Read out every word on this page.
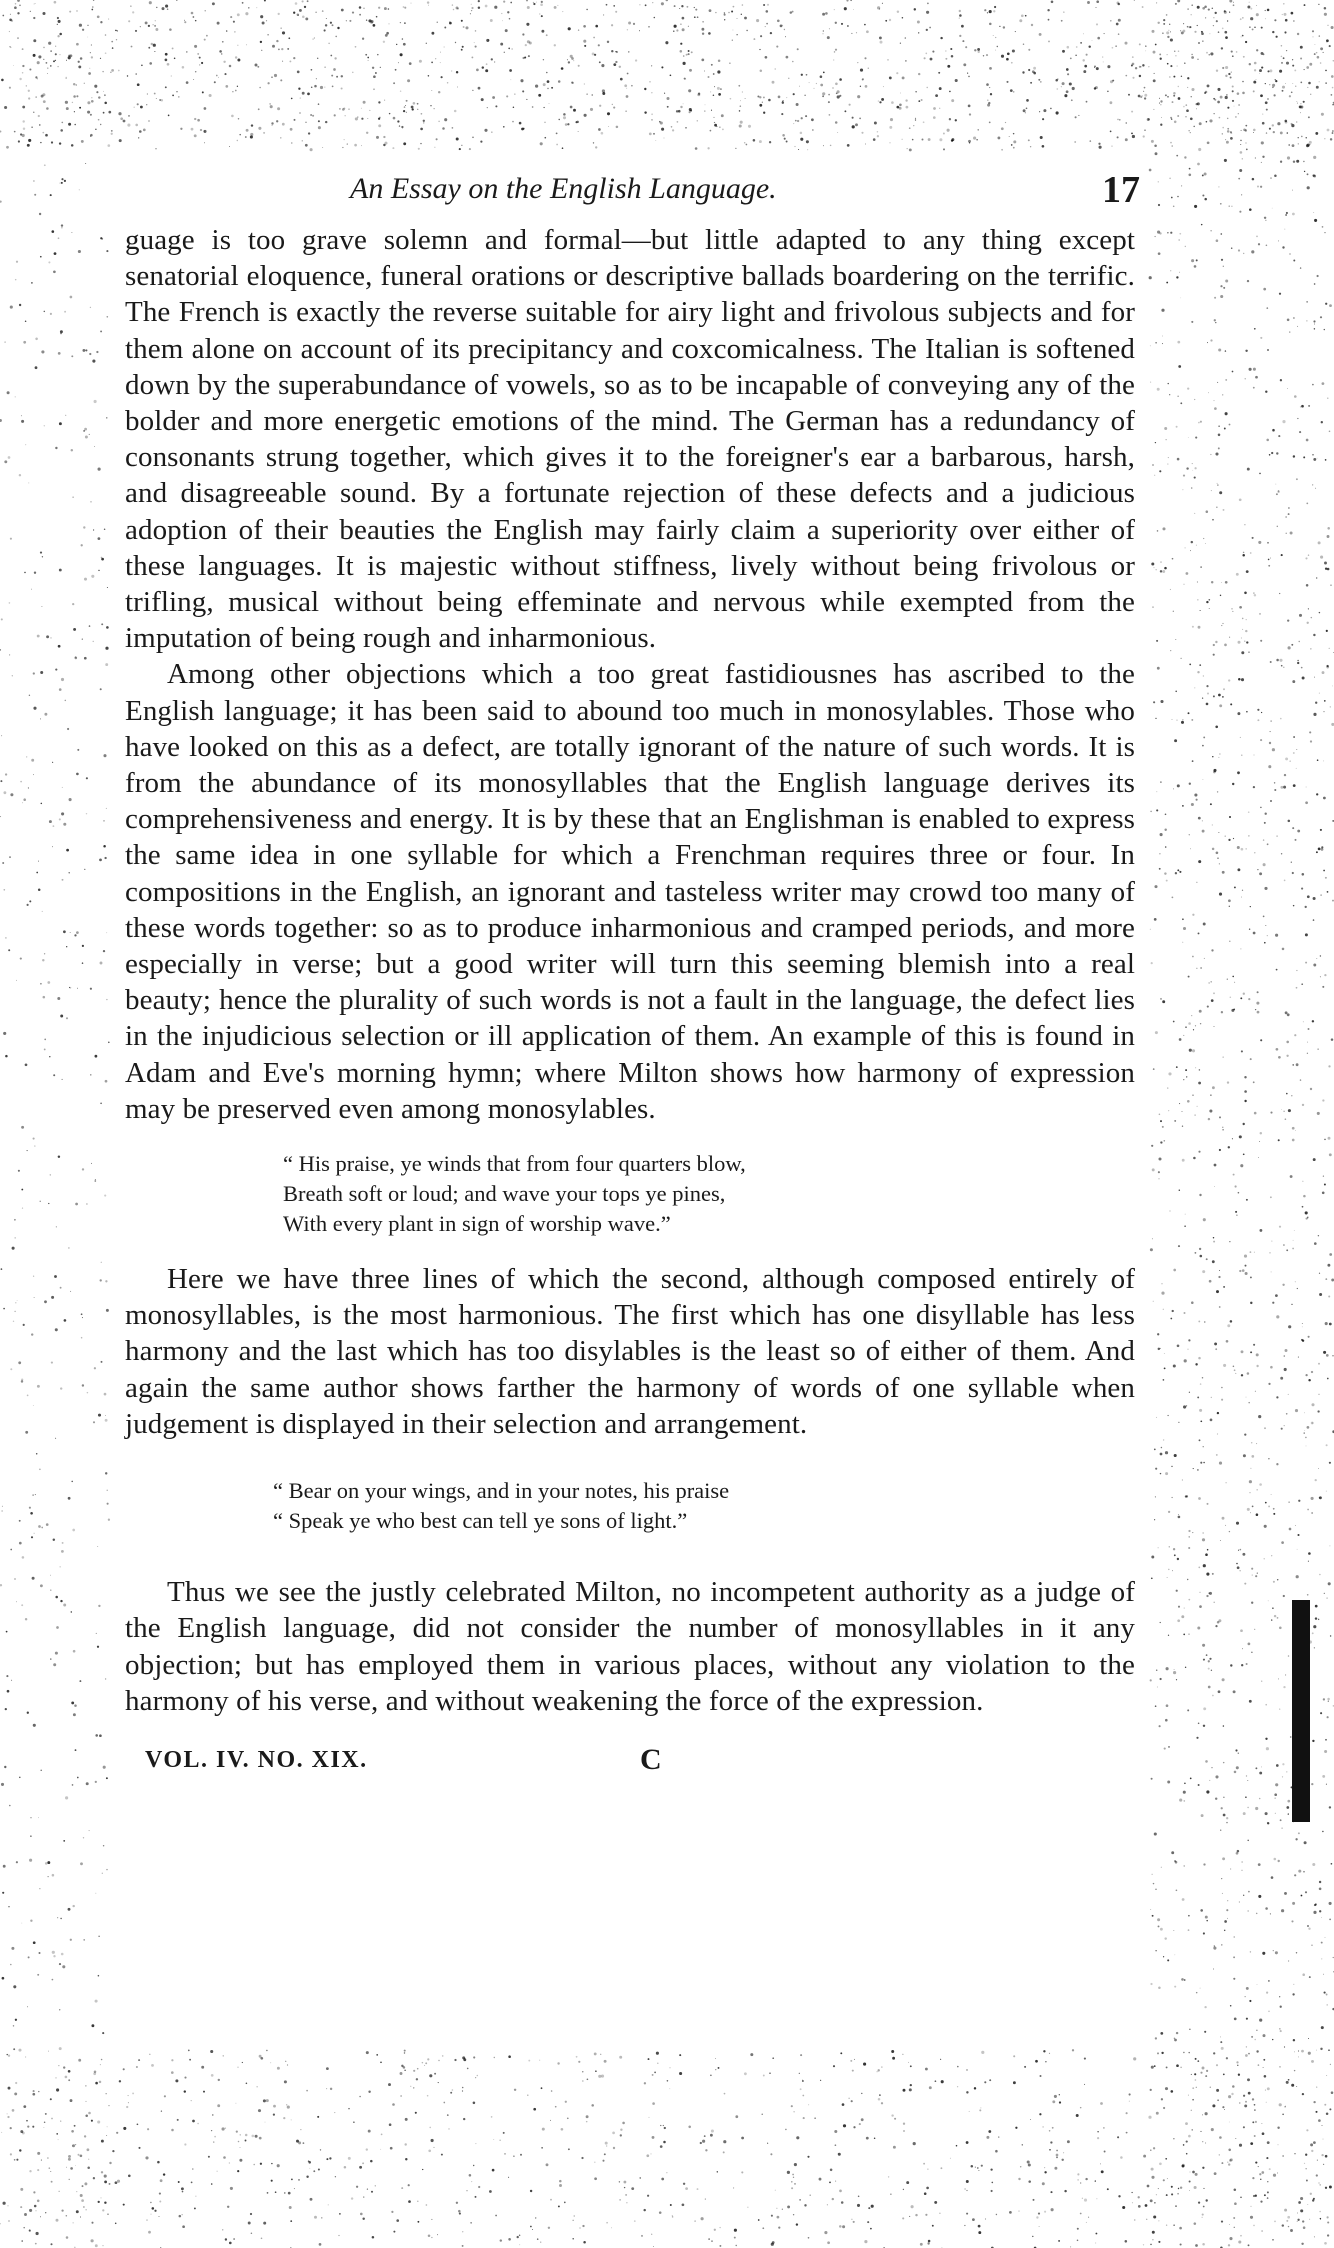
An Essay on the English Language.	17

guage is too grave solemn and formal—but little adapted to any thing except senatorial eloquence, funeral orations or descriptive ballads boardering on the terrific. The French is exactly the reverse suitable for airy light and frivolous subjects and for them alone on account of its precipitancy and coxcomicalness. The Italian is softened down by the superabundance of vowels, so as to be incapable of conveying any of the bolder and more energetic emotions of the mind. The German has a redundancy of consonants strung together, which gives it to the foreigner's ear a barbarous, harsh, and disagreeable sound. By a fortunate rejection of these defects and a judicious adoption of their beauties the English may fairly claim a superiority over either of these languages. It is majestic without stiffness, lively without being frivolous or trifling, musical without being effeminate and nervous while exempted from the imputation of being rough and inharmonious.

Among other objections which a too great fastidiousnes has ascribed to the English language; it has been said to abound too much in monosylables. Those who have looked on this as a defect, are totally ignorant of the nature of such words. It is from the abundance of its monosyllables that the English language derives its comprehensiveness and energy. It is by these that an Englishman is enabled to express the same idea in one syllable for which a Frenchman requires three or four. In compositions in the English, an ignorant and tasteless writer may crowd too many of these words together: so as to produce inharmonious and cramped periods, and more especially in verse; but a good writer will turn this seeming blemish into a real beauty; hence the plurality of such words is not a fault in the language, the defect lies in the injudicious selection or ill application of them. An example of this is found in Adam and Eve's morning hymn; where Milton shows how harmony of expression may be preserved even among monosylables.

“ His praise, ye winds that from four quarters blow,
Breath soft or loud; and wave your tops ye pines,
With every plant in sign of worship wave.”

Here we have three lines of which the second, although composed entirely of monosyllables, is the most harmonious. The first which has one disyllable has less harmony and the last which has too disylables is the least so of either of them. And again the same author shows farther the harmony of words of one syllable when judgement is displayed in their selection and arrangement.

“ Bear on your wings, and in your notes, his praise
“ Speak ye who best can tell ye sons of light.”

Thus we see the justly celebrated Milton, no incompetent authority as a judge of the English language, did not consider the number of monosyllables in it any objection; but has employed them in various places, without any violation to the harmony of his verse, and without weakening the force of the expression.

VOL. IV. NO. XIX.	C
